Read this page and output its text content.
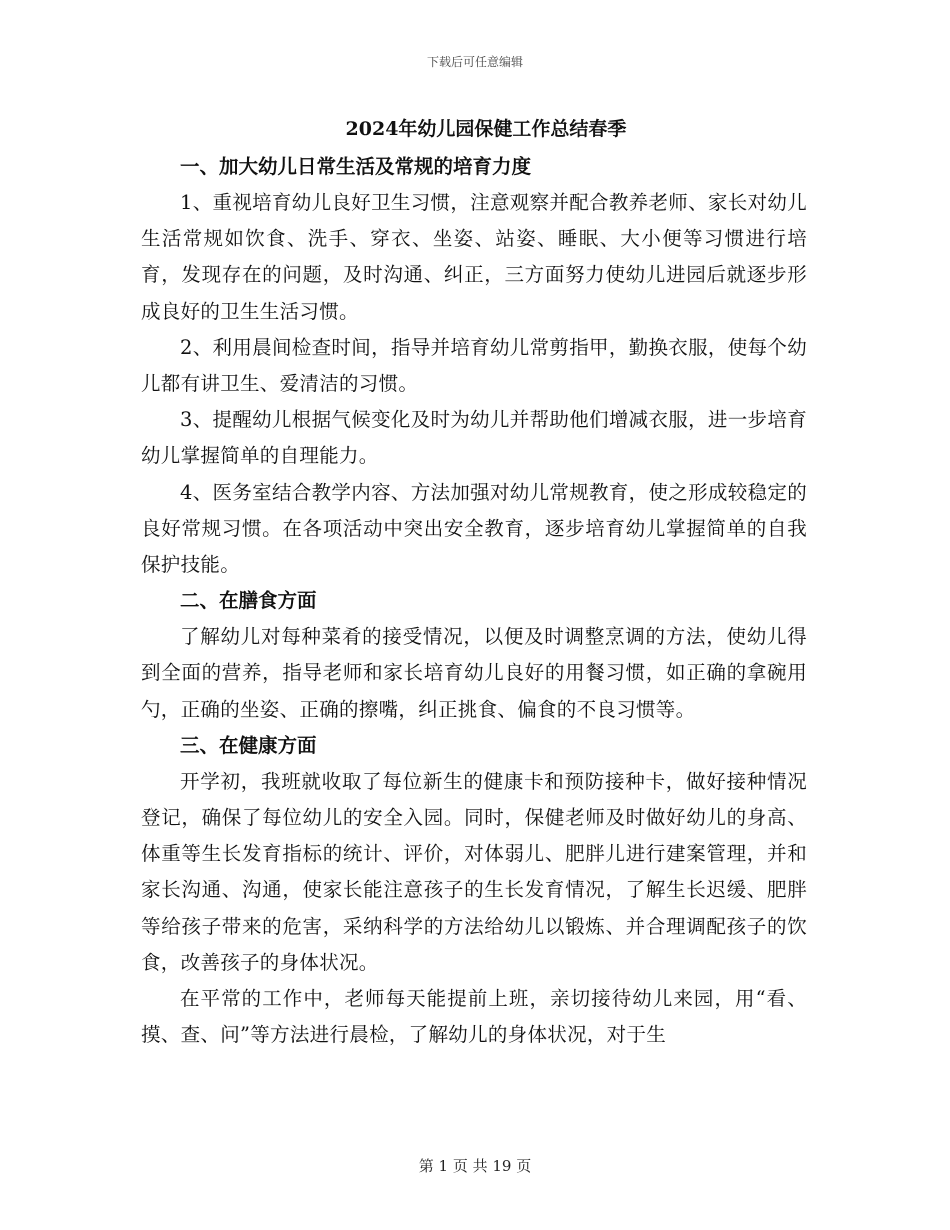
下载后可任意编辑
2024年幼儿园保健工作总结春季

一、加大幼儿日常生活及常规的培育力度

1、重视培育幼儿良好卫生习惯，注意观察并配合教养老师、家长对幼儿生活常规如饮食、洗手、穿衣、坐姿、站姿、睡眠、大小便等习惯进行培育，发现存在的问题，及时沟通、纠正，三方面努力使幼儿进园后就逐步形成良好的卫生生活习惯。

2、利用晨间检查时间，指导并培育幼儿常剪指甲，勤换衣服，使每个幼儿都有讲卫生、爱清洁的习惯。

3、提醒幼儿根据气候变化及时为幼儿并帮助他们增减衣服，进一步培育幼儿掌握简单的自理能力。

4、医务室结合教学内容、方法加强对幼儿常规教育，使之形成较稳定的良好常规习惯。在各项活动中突出安全教育，逐步培育幼儿掌握简单的自我保护技能。

二、在膳食方面

了解幼儿对每种菜肴的接受情况，以便及时调整烹调的方法，使幼儿得到全面的营养，指导老师和家长培育幼儿良好的用餐习惯，如正确的拿碗用勺，正确的坐姿、正确的擦嘴，纠正挑食、偏食的不良习惯等。

三、在健康方面

开学初，我班就收取了每位新生的健康卡和预防接种卡，做好接种情况登记，确保了每位幼儿的安全入园。同时，保健老师及时做好幼儿的身高、体重等生长发育指标的统计、评价，对体弱儿、肥胖儿进行建案管理，并和家长沟通、沟通，使家长能注意孩子的生长发育情况，了解生长迟缓、肥胖等给孩子带来的危害，采纳科学的方法给幼儿以锻炼、并合理调配孩子的饮食，改善孩子的身体状况。

在平常的工作中，老师每天能提前上班，亲切接待幼儿来园，用“看、摸、查、问”等方法进行晨检，了解幼儿的身体状况，对于生

第 1 页 共 19 页
